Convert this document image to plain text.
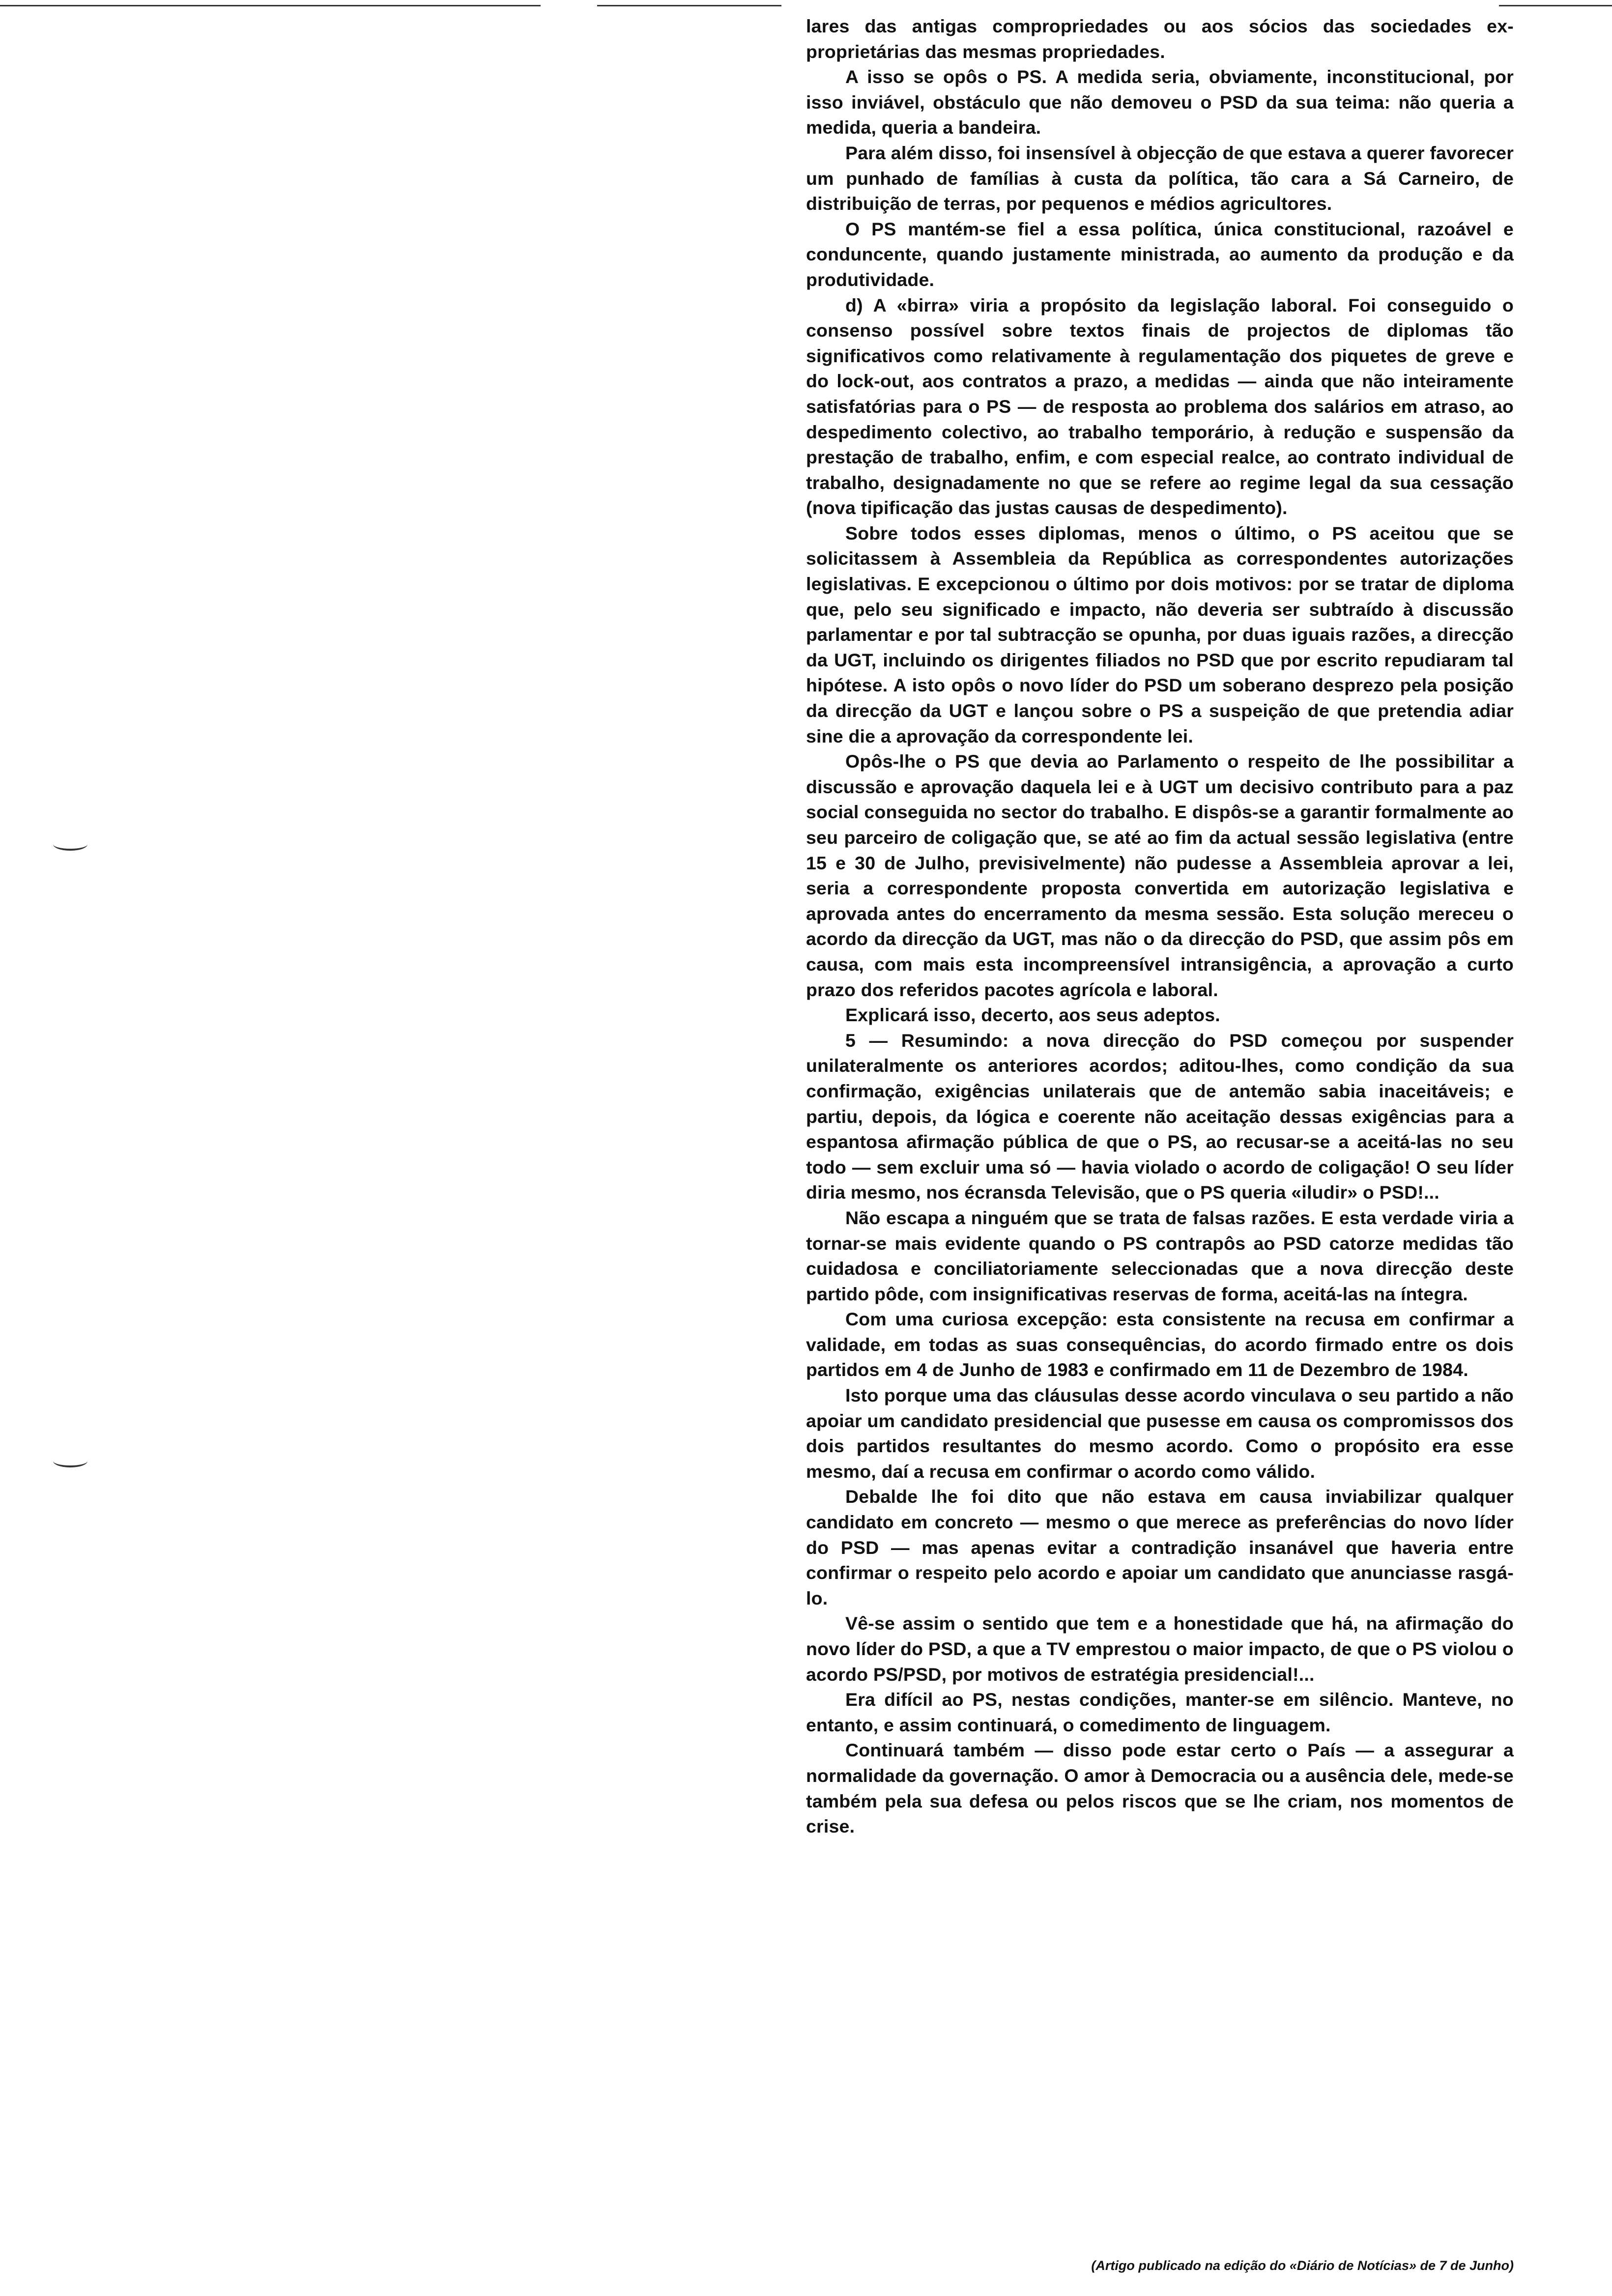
lares das antigas compropriedades ou aos sócios das sociedades ex-proprietárias das mesmas propriedades.

A isso se opôs o PS. A medida seria, obviamente, inconstitucional, por isso inviável, obstáculo que não demoveu o PSD da sua teima: não queria a medida, queria a bandeira.

Para além disso, foi insensível à objecção de que estava a querer favorecer um punhado de famílias à custa da política, tão cara a Sá Carneiro, de distribuição de terras, por pequenos e médios agricultores.

O PS mantém-se fiel a essa política, única constitucional, razoável e conduncente, quando justamente ministrada, ao aumento da produção e da produtividade.

d) A «birra» viria a propósito da legislação laboral. Foi conseguido o consenso possível sobre textos finais de projectos de diplomas tão significativos como relativamente à regulamentação dos piquetes de greve e do lock-out, aos contratos a prazo, a medidas — ainda que não inteiramente satisfatórias para o PS — de resposta ao problema dos salários em atraso, ao despedimento colectivo, ao trabalho temporário, à redução e suspensão da prestação de trabalho, enfim, e com especial realce, ao contrato individual de trabalho, designadamente no que se refere ao regime legal da sua cessação (nova tipificação das justas causas de despedimento).

Sobre todos esses diplomas, menos o último, o PS aceitou que se solicitassem à Assembleia da República as correspondentes autorizações legislativas. E excepcionou o último por dois motivos: por se tratar de diploma que, pelo seu significado e impacto, não deveria ser subtraído à discussão parlamentar e por tal subtracção se opunha, por duas iguais razões, a direcção da UGT, incluindo os dirigentes filiados no PSD que por escrito repudiaram tal hipótese. A isto opôs o novo líder do PSD um soberano desprezo pela posição da direcção da UGT e lançou sobre o PS a suspeição de que pretendia adiar sine die a aprovação da correspondente lei.

Opôs-lhe o PS que devia ao Parlamento o respeito de lhe possibilitar a discussão e aprovação daquela lei e à UGT um decisivo contributo para a paz social conseguida no sector do trabalho. E dispôs-se a garantir formalmente ao seu parceiro de coligação que, se até ao fim da actual sessão legislativa (entre 15 e 30 de Julho, previsivelmente) não pudesse a Assembleia aprovar a lei, seria a correspondente proposta convertida em autorização legislativa e aprovada antes do encerramento da mesma sessão. Esta solução mereceu o acordo da direcção da UGT, mas não o da direcção do PSD, que assim pôs em causa, com mais esta incompreensível intransigência, a aprovação a curto prazo dos referidos pacotes agrícola e laboral.

Explicará isso, decerto, aos seus adeptos.

5 — Resumindo: a nova direcção do PSD começou por suspender unilateralmente os anteriores acordos; aditou-lhes, como condição da sua confirmação, exigências unilaterais que de antemão sabia inaceitáveis; e partiu, depois, da lógica e coerente não aceitação dessas exigências para a espantosa afirmação pública de que o PS, ao recusar-se a aceitá-las no seu todo — sem excluir uma só — havia violado o acordo de coligação! O seu líder diria mesmo, nos écransda Televisão, que o PS queria «iludir» o PSD!...

Não escapa a ninguém que se trata de falsas razões. E esta verdade viria a tornar-se mais evidente quando o PS contrapôs ao PSD catorze medidas tão cuidadosa e conciliatoriamente seleccionadas que a nova direcção deste partido pôde, com insignificativas reservas de forma, aceitá-las na íntegra.

Com uma curiosa excepção: esta consistente na recusa em confirmar a validade, em todas as suas consequências, do acordo firmado entre os dois partidos em 4 de Junho de 1983 e confirmado em 11 de Dezembro de 1984.

Isto porque uma das cláusulas desse acordo vinculava o seu partido a não apoiar um candidato presidencial que pusesse em causa os compromissos dos dois partidos resultantes do mesmo acordo. Como o propósito era esse mesmo, daí a recusa em confirmar o acordo como válido.

Debalde lhe foi dito que não estava em causa inviabilizar qualquer candidato em concreto — mesmo o que merece as preferências do novo líder do PSD — mas apenas evitar a contradição insanável que haveria entre confirmar o respeito pelo acordo e apoiar um candidato que anunciasse rasgá-lo.

Vê-se assim o sentido que tem e a honestidade que há, na afirmação do novo líder do PSD, a que a TV emprestou o maior impacto, de que o PS violou o acordo PS/PSD, por motivos de estratégia presidencial!...

Era difícil ao PS, nestas condições, manter-se em silêncio. Manteve, no entanto, e assim continuará, o comedimento de linguagem.

Continuará também — disso pode estar certo o País — a assegurar a normalidade da governação. O amor à Democracia ou a ausência dele, mede-se também pela sua defesa ou pelos riscos que se lhe criam, nos momentos de crise.

(Artigo publicado na edição do «Diário de Notícias» de 7 de Junho)
